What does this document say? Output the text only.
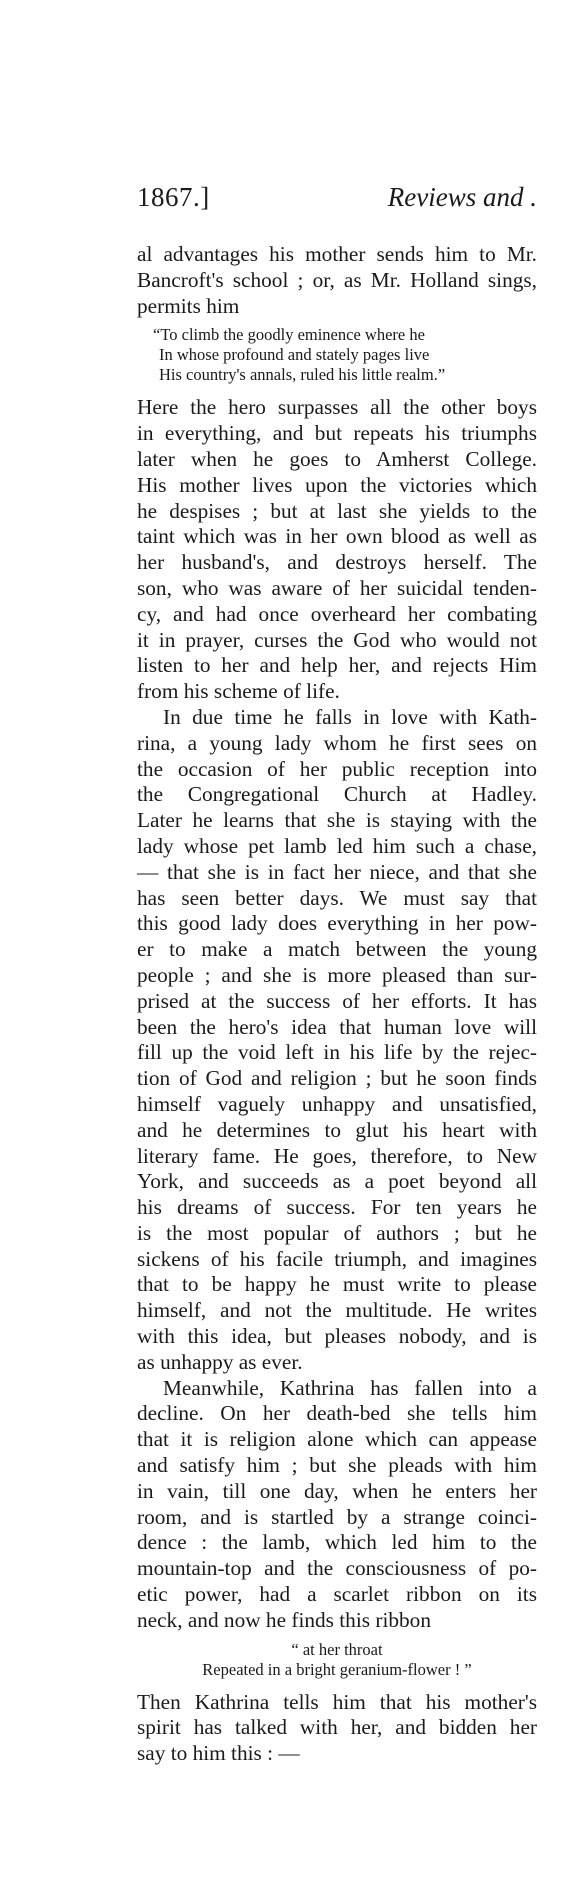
1867.]	Reviews and .
al advantages his mother sends him to Mr.
Bancroft's school ; or, as Mr. Holland sings,
permits him
“To climb the goodly eminence where he
In whose profound and stately pages live
His country's annals, ruled his little realm.”
Here the hero surpasses all the other boys
in everything, and but repeats his triumphs
later when he goes to Amherst College.
His mother lives upon the victories which
he despises ; but at last she yields to the
taint which was in her own blood as well as
her husband's, and destroys herself. The
son, who was aware of her suicidal tenden-
cy, and had once overheard her combating
it in prayer, curses the God who would not
listen to her and help her, and rejects Him
from his scheme of life.
In due time he falls in love with Kath-
rina, a young lady whom he first sees on
the occasion of her public reception into
the Congregational Church at Hadley.
Later he learns that she is staying with the
lady whose pet lamb led him such a chase,
— that she is in fact her niece, and that she
has seen better days. We must say that
this good lady does everything in her pow-
er to make a match between the young
people ; and she is more pleased than sur-
prised at the success of her efforts. It has
been the hero's idea that human love will
fill up the void left in his life by the rejec-
tion of God and religion ; but he soon finds
himself vaguely unhappy and unsatisfied,
and he determines to glut his heart with
literary fame. He goes, therefore, to New
York, and succeeds as a poet beyond all
his dreams of success. For ten years he
is the most popular of authors ; but he
sickens of his facile triumph, and imagines
that to be happy he must write to please
himself, and not the multitude. He writes
with this idea, but pleases nobody, and is
as unhappy as ever.
Meanwhile, Kathrina has fallen into a
decline. On her death-bed she tells him
that it is religion alone which can appease
and satisfy him ; but she pleads with him
in vain, till one day, when he enters her
room, and is startled by a strange coinci-
dence : the lamb, which led him to the
mountain-top and the consciousness of po-
etic power, had a scarlet ribbon on its
neck, and now he finds this ribbon
“ at her throat
Repeated in a bright geranium-flower ! ”
Then Kathrina tells him that his mother's
spirit has talked with her, and bidden her
say to him this : —
